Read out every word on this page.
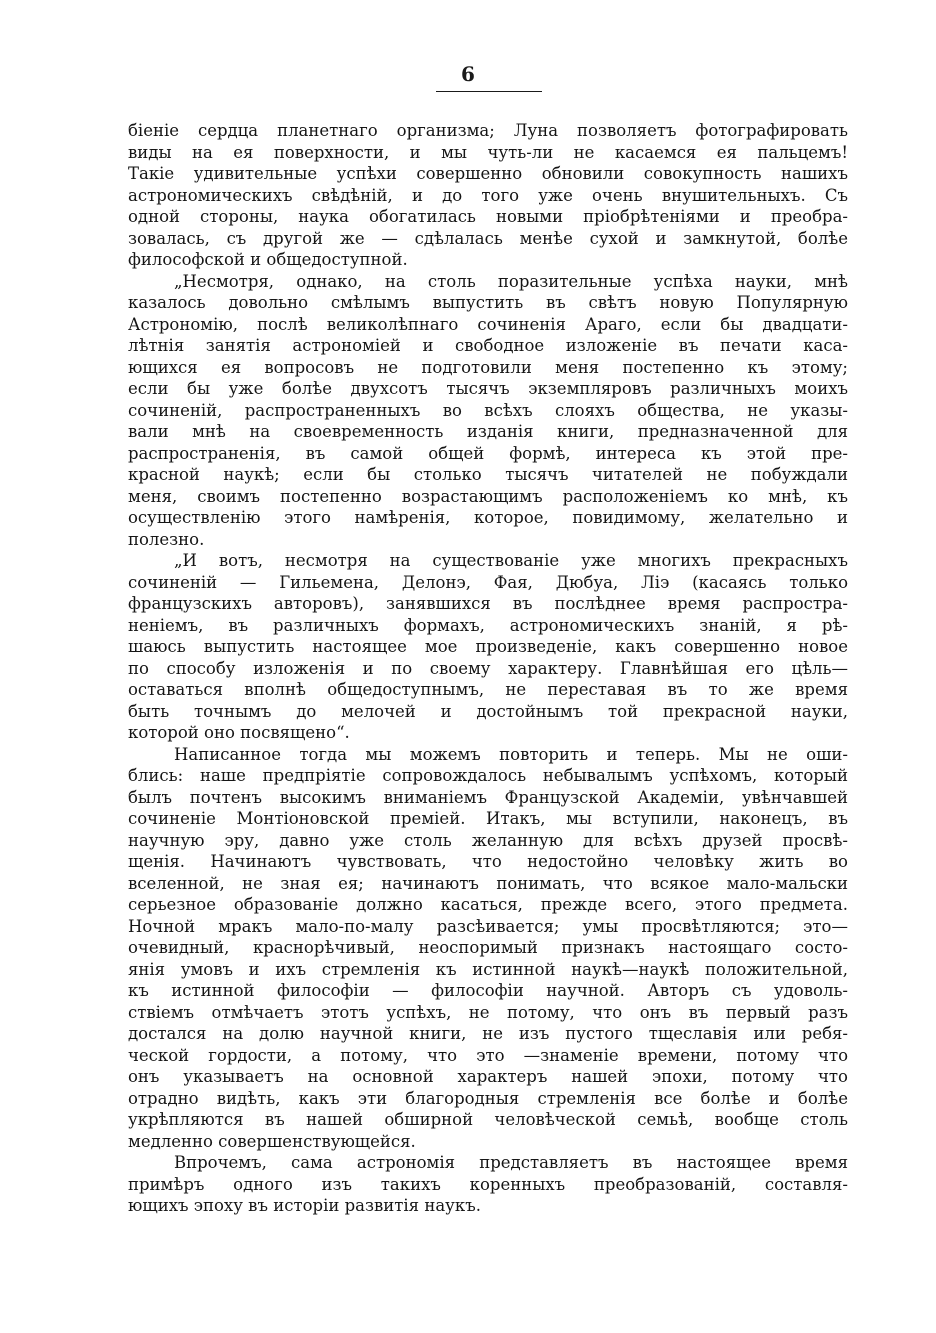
6
біеніе сердца планетнаго организма; Луна позволяетъ фотографировать
виды на ея поверхности, и мы чуть-ли не касаемся ея пальцемъ!
Такіе удивительные успѣхи совершенно обновили совокупность нашихъ
астрономическихъ свѣдѣній, и до того уже очень внушительныхъ. Съ
одной стороны, наука обогатилась новыми пріобрѣтеніями и преобра-
зовалась, съ другой же — сдѣлалась менѣе сухой и замкнутой, болѣе
философской и общедоступной.
„Несмотря, однако, на столь поразительные успѣха науки, мнѣ
казалось довольно смѣлымъ выпустить въ свѣтъ новую Популярную
Астрономію, послѣ великолѣпнаго сочиненія Араго, если бы двадцати-
лѣтнія занятія астрономіей и свободное изложеніе въ печати каса-
ющихся ея вопросовъ не подготовили меня постепенно къ этому;
если бы уже болѣе двухсотъ тысячъ экземпляровъ различныхъ моихъ
сочиненій, распространенныхъ во всѣхъ слояхъ общества, не указы-
вали мнѣ на своевременность изданія книги, предназначенной для
распространенія, въ самой общей формѣ, интереса къ этой пре-
красной наукѣ; если бы столько тысячъ читателей не побуждали
меня, своимъ постепенно возрастающимъ расположеніемъ ко мнѣ, къ
осуществленію этого намѣренія, которое, повидимому, желательно и
полезно.
„И вотъ, несмотря на существованіе уже многихъ прекрасныхъ
сочиненій — Гильемена, Делонэ, Фая, Дюбуа, Ліэ (касаясь только
французскихъ авторовъ), занявшихся въ послѣднее время распростра-
неніемъ, въ различныхъ формахъ, астрономическихъ знаній, я рѣ-
шаюсь выпустить настоящее мое произведеніе, какъ совершенно новое
по способу изложенія и по своему характеру. Главнѣйшая его цѣль—
оставаться вполнѣ общедоступнымъ, не переставая въ то же время
быть точнымъ до мелочей и достойнымъ той прекрасной науки,
которой оно посвящено“.
Написанное тогда мы можемъ повторить и теперь. Мы не оши-
блись: наше предпріятіе сопровождалось небывалымъ успѣхомъ, который
былъ почтенъ высокимъ вниманіемъ Французской Академіи, увѣнчавшей
сочиненіе Монтіоновской преміей. Итакъ, мы вступили, наконецъ, въ
научную эру, давно уже столь желанную для всѣхъ друзей просвѣ-
щенія. Начинаютъ чувствовать, что недостойно человѣку жить во
вселенной, не зная ея; начинаютъ понимать, что всякое мало-мальски
серьезное образованіе должно касаться, прежде всего, этого предмета.
Ночной мракъ мало-по-малу разсѣивается; умы просвѣтляются; это—
очевидный, краснорѣчивый, неоспоримый признакъ настоящаго состо-
янія умовъ и ихъ стремленія къ истинной наукѣ—наукѣ положительной,
къ истинной философіи — философіи научной. Авторъ съ удоволь-
ствіемъ отмѣчаетъ этотъ успѣхъ, не потому, что онъ въ первый разъ
достался на долю научной книги, не изъ пустого тщеславія или ребя-
ческой гордости, а потому, что это —знаменіе времени, потому что
онъ указываетъ на основной характеръ нашей эпохи, потому что
отрадно видѣть, какъ эти благородныя стремленія все болѣе и болѣе
укрѣпляются въ нашей обширной человѣческой семьѣ, вообще столь
медленно совершенствующейся.
Впрочемъ, сама астрономія представляетъ въ настоящее время
примѣръ одного изъ такихъ коренныхъ преобразованій, составля-
ющихъ эпоху въ исторіи развитія наукъ.
